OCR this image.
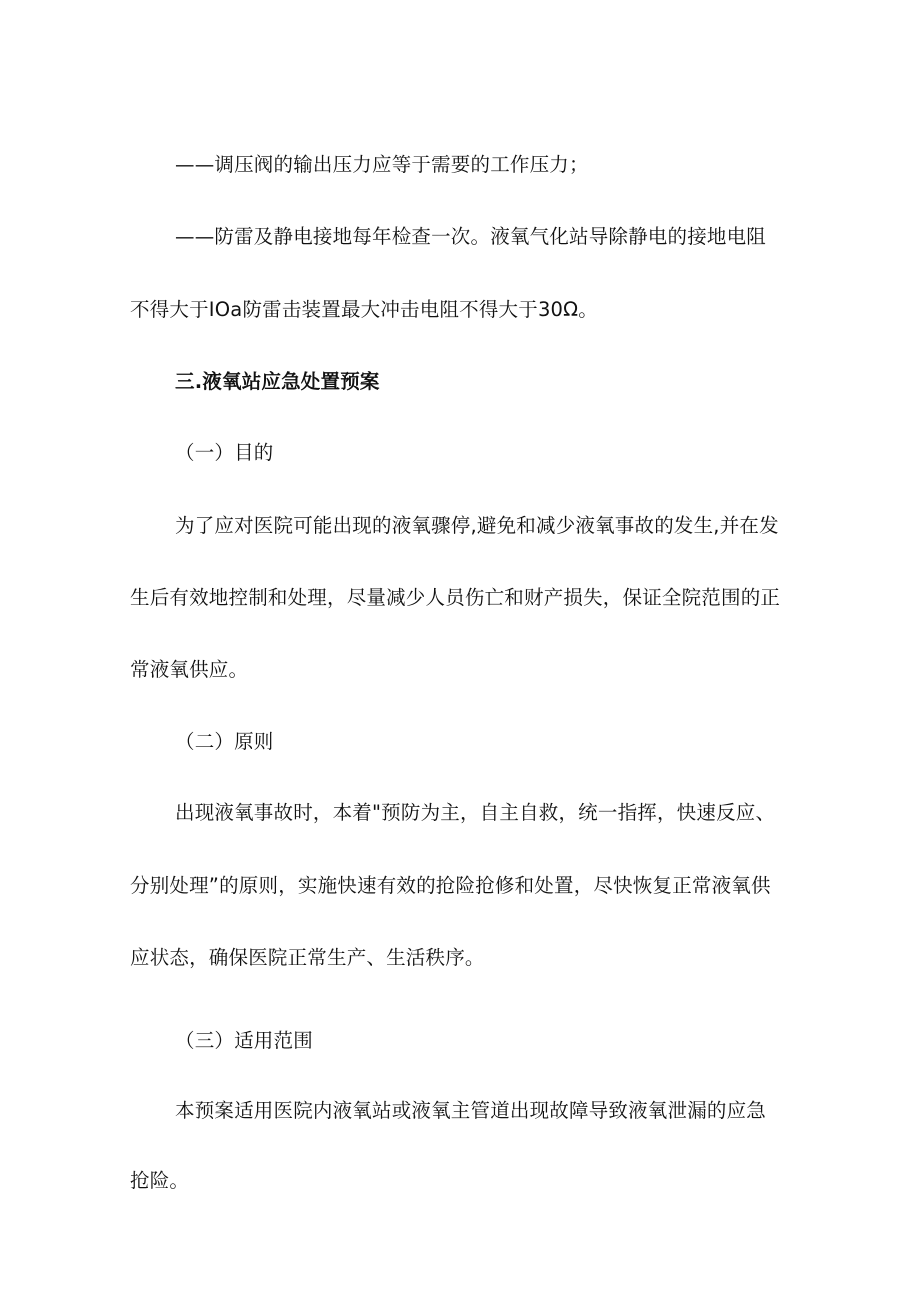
——调压阀的输出压力应等于需要的工作压力；

——防雷及静电接地每年检查一次。液氧气化站导除静电的接地电阻

不得大于IOa防雷击装置最大冲击电阻不得大于30Ω。

三.液氧站应急处置预案

（一）目的

为了应对医院可能出现的液氧骤停,避免和减少液氧事故的发生,并在发

生后有效地控制和处理，尽量减少人员伤亡和财产损失，保证全院范围的正

常液氧供应。

（二）原则

出现液氧事故时，本着"预防为主，自主自救，统一指挥，快速反应、

分别处理”的原则，实施快速有效的抢险抢修和处置，尽快恢复正常液氧供

应状态，确保医院正常生产、生活秩序。

（三）适用范围

本预案适用医院内液氧站或液氧主管道出现故障导致液氧泄漏的应急

抢险。
